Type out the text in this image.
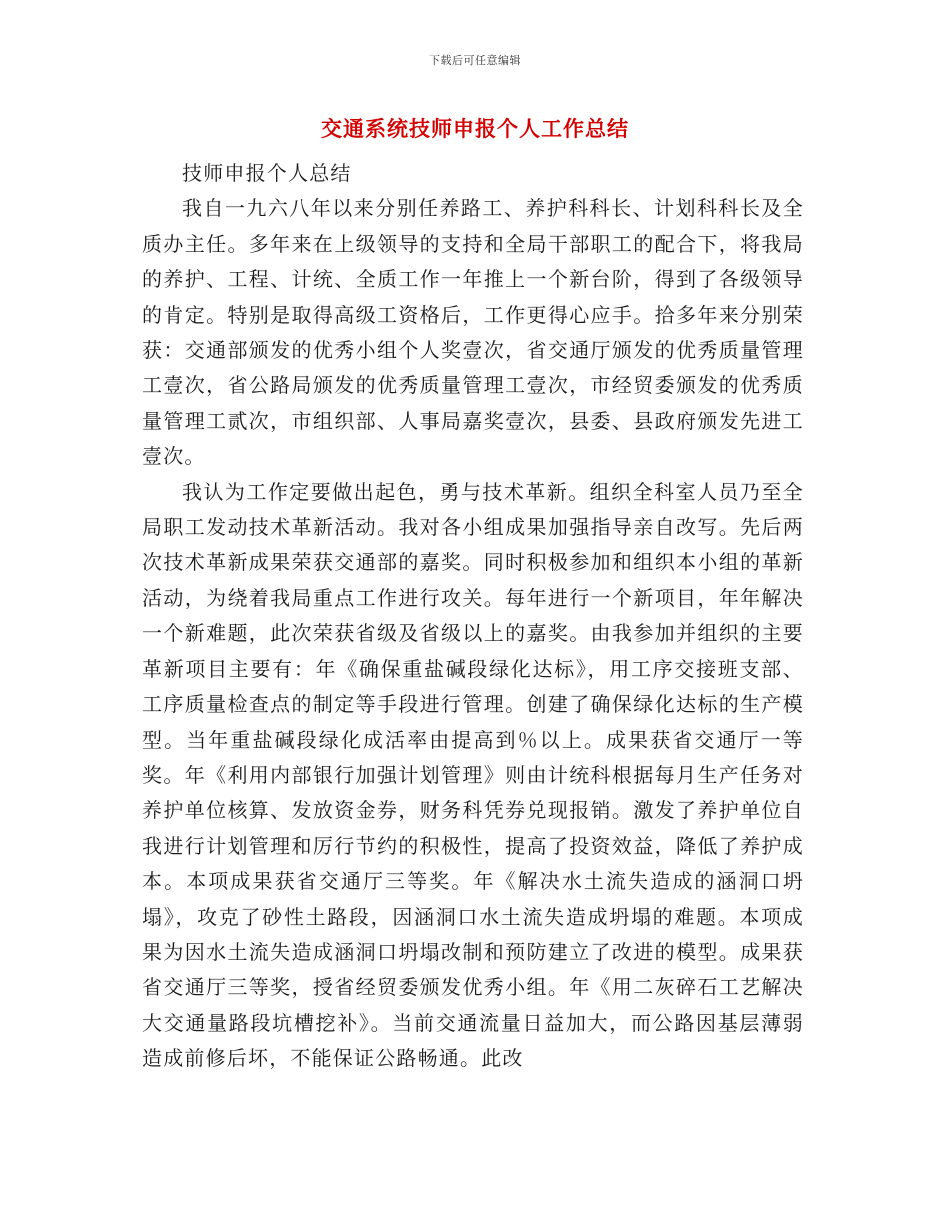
下载后可任意编辑
交通系统技师申报个人工作总结

技师申报个人总结

我自一九六八年以来分别任养路工、养护科科长、计划科科长及全质办主任。多年来在上级领导的支持和全局干部职工的配合下，将我局的养护、工程、计统、全质工作一年推上一个新台阶，得到了各级领导的肯定。特别是取得高级工资格后，工作更得心应手。拾多年来分别荣获：交通部颁发的优秀小组个人奖壹次，省交通厅颁发的优秀质量管理工壹次，省公路局颁发的优秀质量管理工壹次，市经贸委颁发的优秀质量管理工贰次，市组织部、人事局嘉奖壹次，县委、县政府颁发先进工壹次。

我认为工作定要做出起色，勇与技术革新。组织全科室人员乃至全局职工发动技术革新活动。我对各小组成果加强指导亲自改写。先后两次技术革新成果荣获交通部的嘉奖。同时积极参加和组织本小组的革新活动，为绕着我局重点工作进行攻关。每年进行一个新项目，年年解决一个新难题，此次荣获省级及省级以上的嘉奖。由我参加并组织的主要革新项目主要有：年《确保重盐碱段绿化达标》，用工序交接班支部、工序质量检查点的制定等手段进行管理。创建了确保绿化达标的生产模型。当年重盐碱段绿化成活率由提高到％以上。成果获省交通厅一等奖。年《利用内部银行加强计划管理》则由计统科根据每月生产任务对养护单位核算、发放资金券，财务科凭券兑现报销。激发了养护单位自我进行计划管理和厉行节约的积极性，提高了投资效益，降低了养护成本。本项成果获省交通厅三等奖。年《解决水土流失造成的涵洞口坍塌》，攻克了砂性土路段，因涵洞口水土流失造成坍塌的难题。本项成果为因水土流失造成涵洞口坍塌改制和预防建立了改进的模型。成果获省交通厅三等奖，授省经贸委颁发优秀小组。年《用二灰碎石工艺解决大交通量路段坑槽挖补》。当前交通流量日益加大，而公路因基层薄弱造成前修后坏，不能保证公路畅通。此改
